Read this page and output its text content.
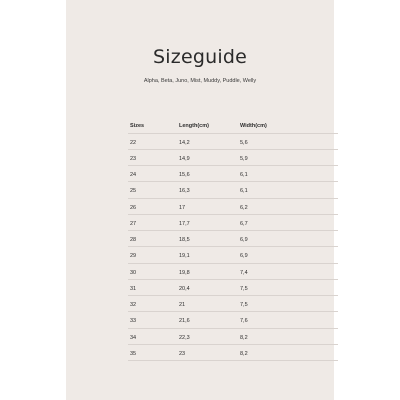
Sizeguide
Alpha, Beta, Juno, Mist, Muddy, Puddle, Welly
Sizes	Length(cm)	Width(cm)
22	14,2	5,6
23	14,9	5,9
24	15,6	6,1
25	16,3	6,1
26	17	6,2
27	17,7	6,7
28	18,5	6,9
29	19,1	6,9
30	19,8	7,4
31	20,4	7,5
32	21	7,5
33	21,6	7,6
34	22,3	8,2
35	23	8,2
